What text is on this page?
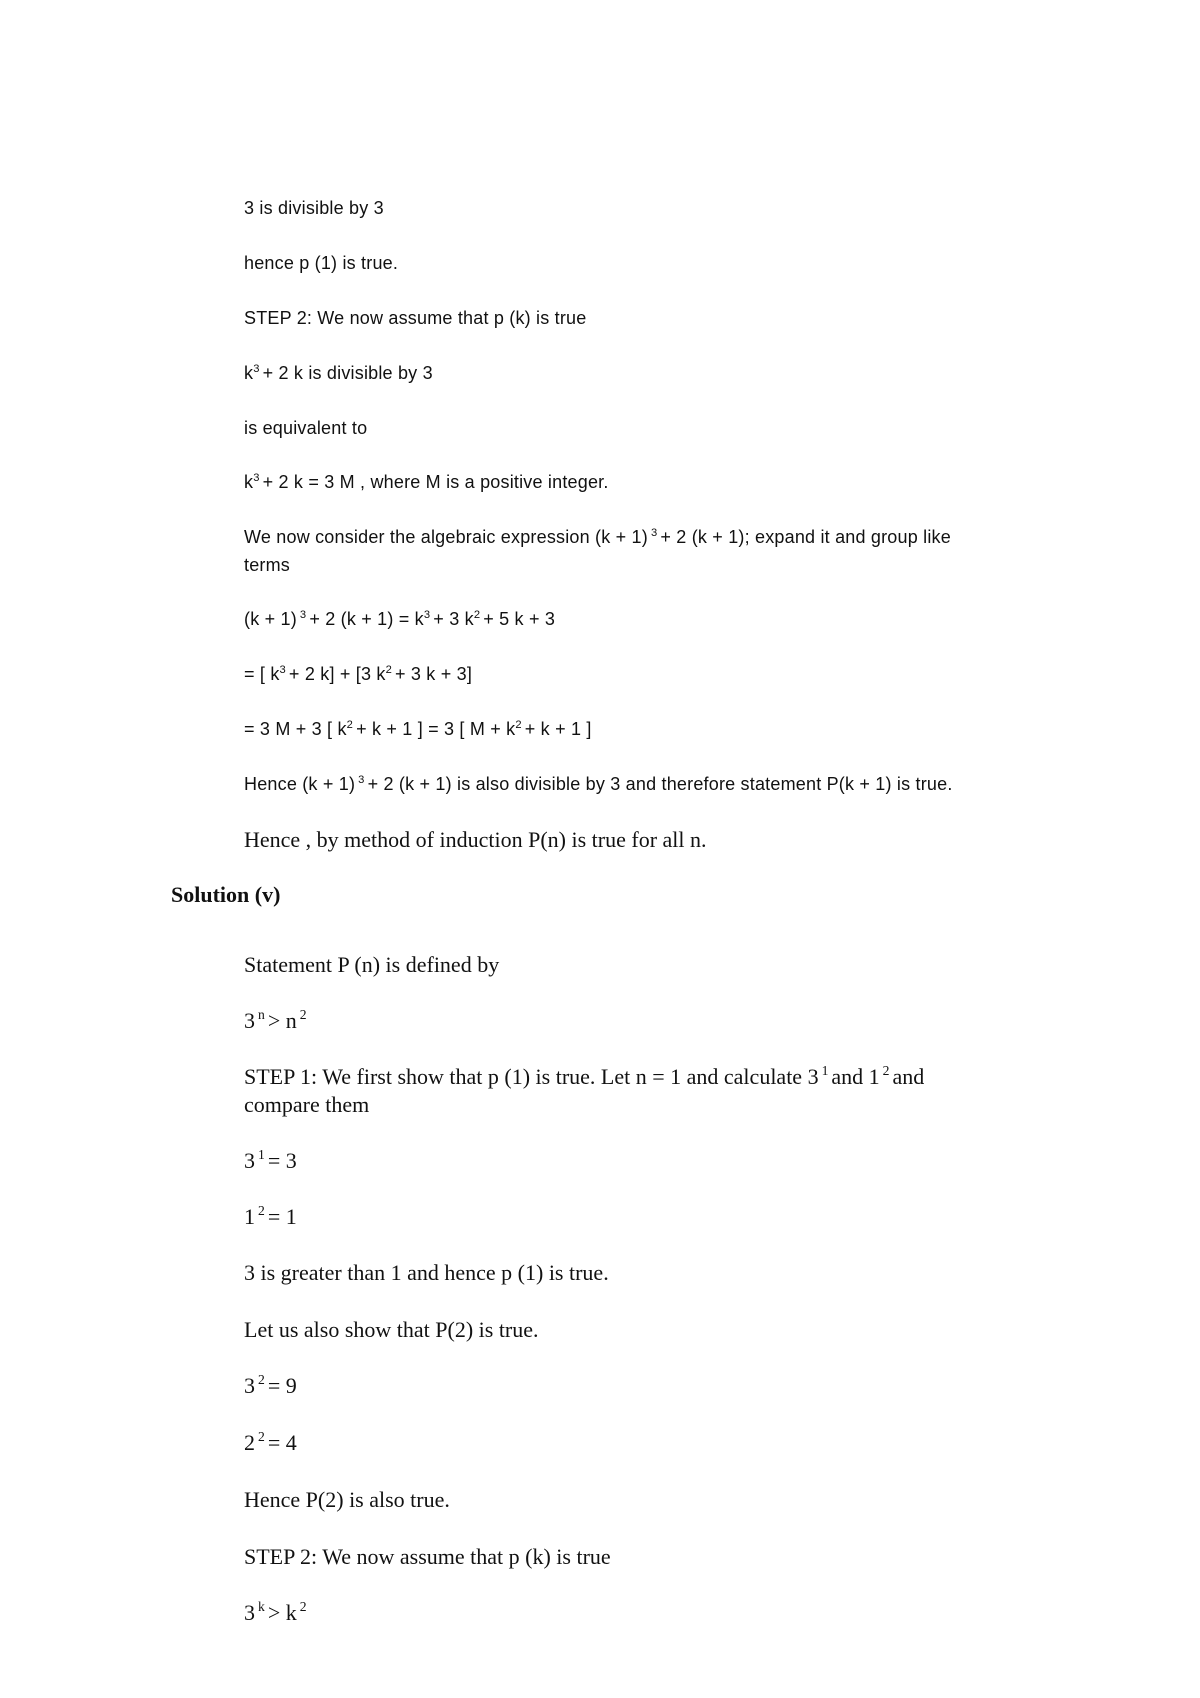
3 is divisible by 3
hence p (1) is true.
STEP 2: We now assume that p (k) is true
$k^3 + 2$ k is divisible by 3
is equivalent to
$k^3 + 2$ k = 3 M , where M is a positive integer.
We now consider the algebraic expression (k + 1) $^3$ + 2 (k + 1); expand it and group like
terms
(k + 1) $^3$ + 2 $(k + 1) = k^3 + 3$ $k^2 + 5$ k + 3
= [ $k^3 + 2$ k] + [3 $k^2 + 3$ k + 3]
= 3 M + 3 [ $k^2 + k + 1$ ] = 3 [ $M + k^2 + k + 1$ ]
Hence (k + 1) $^3$ + 2 (k + 1) is also divisible by 3 and therefore statement P(k + 1) is true.
Hence , by method of induction P(n) is true for all n.
Solution (v)
Statement P (n) is defined by
3 $^n$ > n $^2$
STEP 1: We first show that p (1) is true. Let n = 1 and calculate 3 $^1$ and 1 $^2$ and
compare them
3 $^1$ = 3
1 $^2$ = 1
3 is greater than 1 and hence p (1) is true.
Let us also show that P(2) is true.
3 $^2$ = 9
2 $^2$ = 4
Hence P(2) is also true.
STEP 2: We now assume that p (k) is true
3 $^k$ > k $^2$
